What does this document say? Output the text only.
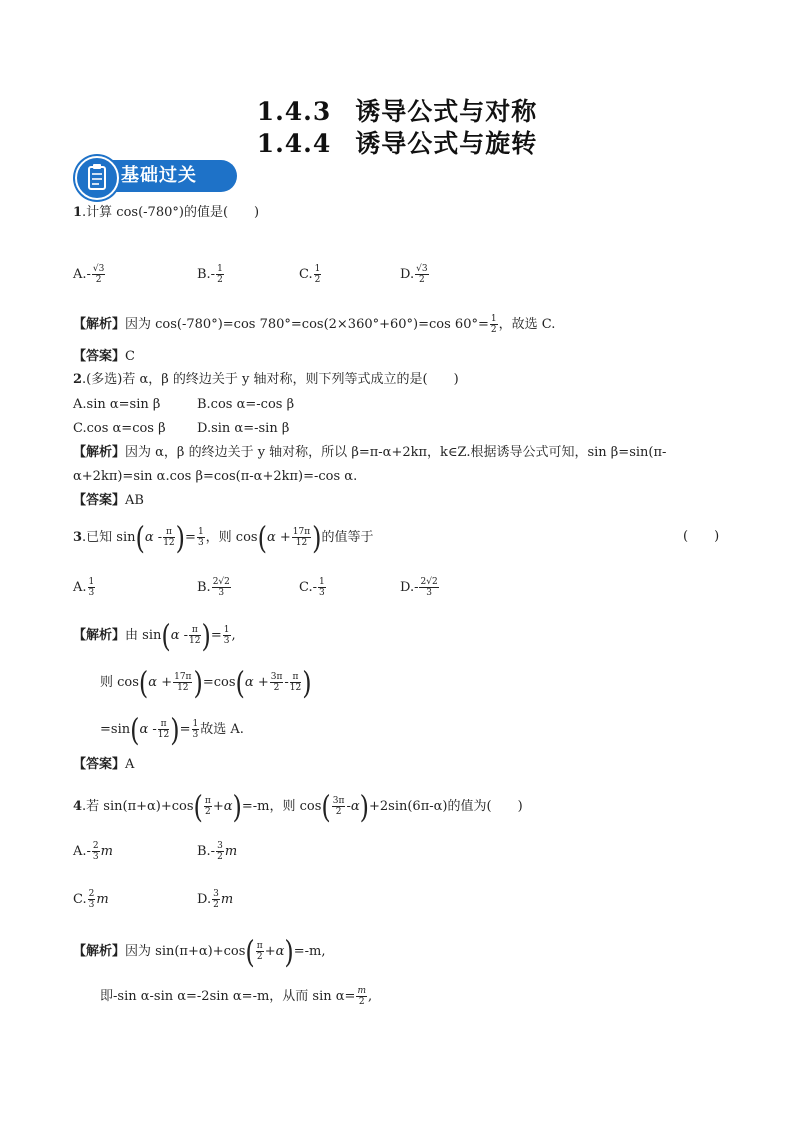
1.4.3 诱导公式与对称
1.4.4 诱导公式与旋转
基础过关
1.计算 cos(-780°)的值是(　　)
$A.- \frac{√3}{2}$	$B.- \frac{1}{2}$	C. $\frac{1}{2}$	D. $\frac{√3}{2}$
【解析】因为 cos(-780°)=cos 780°=cos(2×360°+60°)=cos $60^\circ= \frac{1}{2}$ ，故选 C.
【答案】C
2.(多选)若 α，β 的终边关于 y 轴对称，则下列等式成立的是(　　)
A.sin α=sin β	B.cos α=-cos β
C.cos α=cos β D.sin α=-sin β
【解析】因为 α，β 的终边关于 y 轴对称，所以 β=π-α+2kπ，k∈Z.根据诱导公式可知，sin β=sin(π-
α+2kπ)=sin α.cos β=cos(π-α+2kπ)=-cos α.
【答案】AB
3.已知 $\sin(\alpha - \frac{\pi}{12}$ )= $\frac{1}{3}$ ，则 $\cos(\alpha + \frac{17\pi}{12}$ )的值等于	(　　)
A. $\frac{1}{3}$	B. $\frac{2√2}{3}$	$C.- \frac{1}{3}$	$D.- \frac{2√2}{3}$
【解析】由 $\sin(\alpha - \frac{\pi}{12}$ )= $\frac{1}{3}$ ,
则 $\cos(\alpha + \frac{17\pi}{12} )=\cos(\alpha + \frac{3\pi}{2} - \frac{\pi}{12}$ )
$=\sin(\alpha - \frac{\pi}{12}$ )= $\frac{1}{3}$ 故选 A.
【答案】A
4.若 $\sin(\pi+\alpha)+\cos( \frac{\pi}{2} +\alpha)=-m$，则 $\cos( \frac{3\pi}{2} -\alpha)+2\sin(6\pi-\alpha)$的值为(　　)
$A.- \frac{2}{3}$ m	$B.- \frac{3}{2}$ m
C. $\frac{2}{3}$ m	D. $\frac{3}{2}$ m
【解析】因为 $\sin(\pi+\alpha)+\cos( \frac{\pi}{2} +\alpha)=-m$,
即-sin α-sin α=-2sin α=-m，从而 $\sin \alpha= \frac{m}{2}$ ,
